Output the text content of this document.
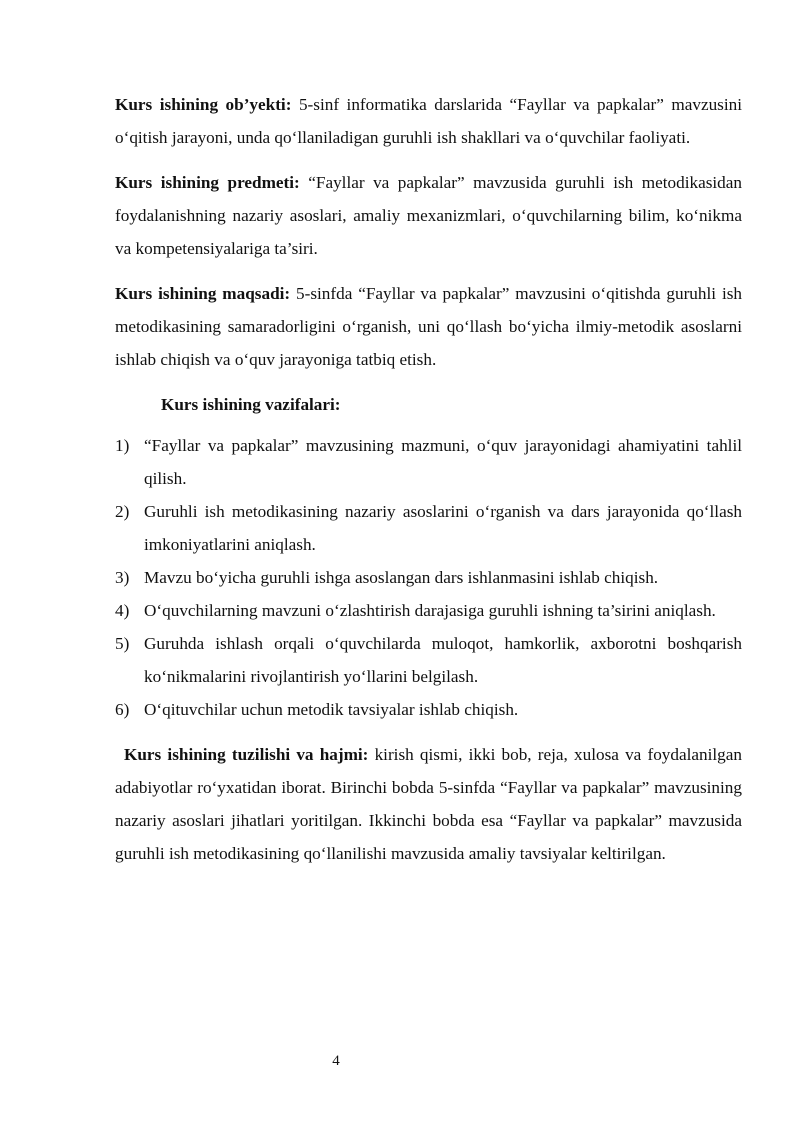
Kurs ishining ob’yekti: 5-sinf informatika darslarida “Fayllar va papkalar” mavzusini o‘qitish jarayoni, unda qo‘llaniladigan guruhli ish shakllari va o‘quvchilar faoliyati.

Kurs ishining predmeti: “Fayllar va papkalar” mavzusida guruhli ish metodikasidan foydalanishning nazariy asoslari, amaliy mexanizmlari, o‘quvchilarning bilim, ko‘nikma va kompetensiyalariga ta’siri.

Kurs ishining maqsadi: 5-sinfda “Fayllar va papkalar” mavzusini o‘qitishda guruhli ish metodikasining samaradorligini o‘rganish, uni qo‘llash bo‘yicha ilmiy-metodik asoslarni ishlab chiqish va o‘quv jarayoniga tatbiq etish.

Kurs ishining vazifalari:

1) “Fayllar va papkalar” mavzusining mazmuni, o‘quv jarayonidagi ahamiyatini tahlil qilish.
2) Guruhli ish metodikasining nazariy asoslarini o‘rganish va dars jarayonida qo‘llash imkoniyatlarini aniqlash.
3) Mavzu bo‘yicha guruhli ishga asoslangan dars ishlanmasini ishlab chiqish.
4) O‘quvchilarning mavzuni o‘zlashtirish darajasiga guruhli ishning ta’sirini aniqlash.
5) Guruhda ishlash orqali o‘quvchilarda muloqot, hamkorlik, axborotni boshqarish ko‘nikmalarini rivojlantirish yo‘llarini belgilash.
6) O‘qituvchilar uchun metodik tavsiyalar ishlab chiqish.

Kurs ishining tuzilishi va hajmi: kirish qismi, ikki bob, reja, xulosa va foydalanilgan adabiyotlar ro‘yxatidan iborat. Birinchi bobda 5-sinfda “Fayllar va papkalar” mavzusining nazariy asoslari jihatlari yoritilgan. Ikkinchi bobda esa “Fayllar va papkalar” mavzusida guruhli ish metodikasining qo‘llanilishi mavzusida amaliy tavsiyalar keltirilgan.

4
